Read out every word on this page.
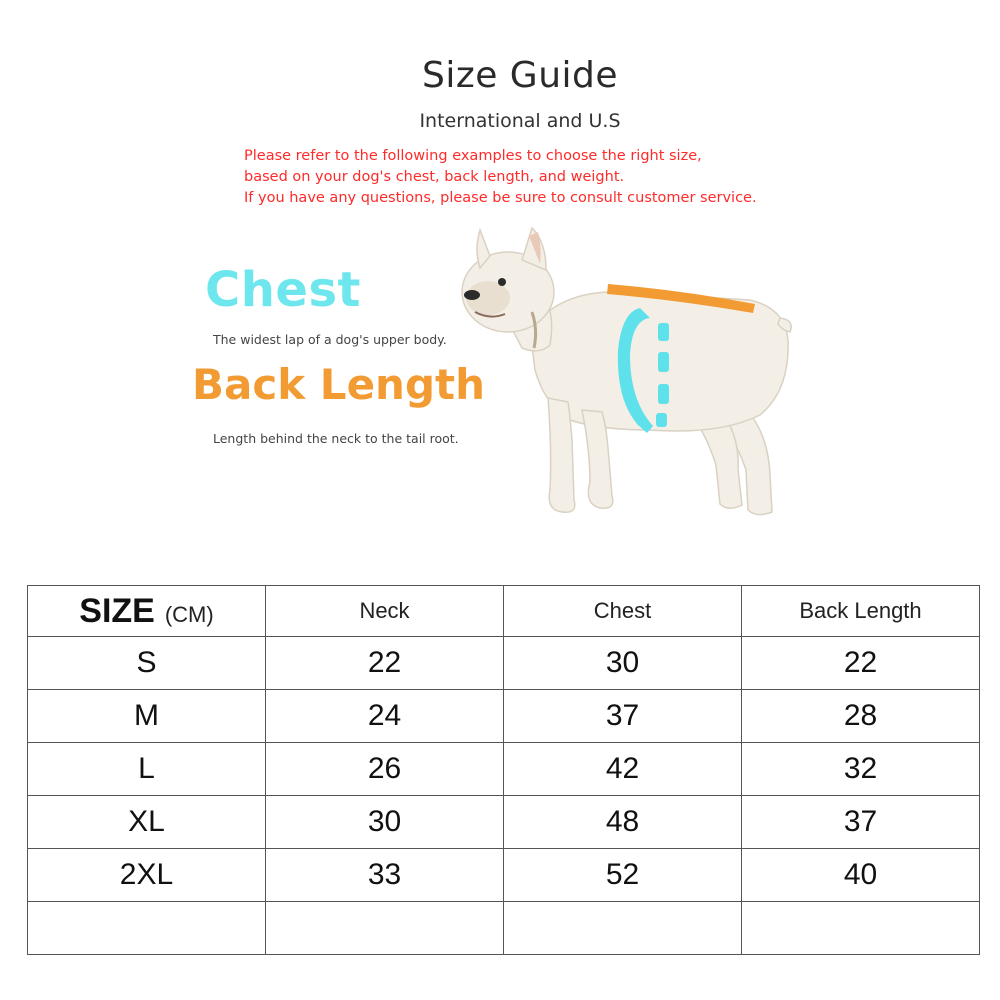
Size Guide
International and U.S
Please refer to the following examples to choose the right size,
based on your dog's chest, back length, and weight.
If you have any questions, please be sure to consult customer service.
Chest
The widest lap of a dog's upper body.
Back Length
Length behind the neck to the tail root.
SIZE (CM)	Neck	Chest	Back Length
S	22	30	22
M	24	37	28
L	26	42	32
XL	30	48	37
2XL	33	52	40
